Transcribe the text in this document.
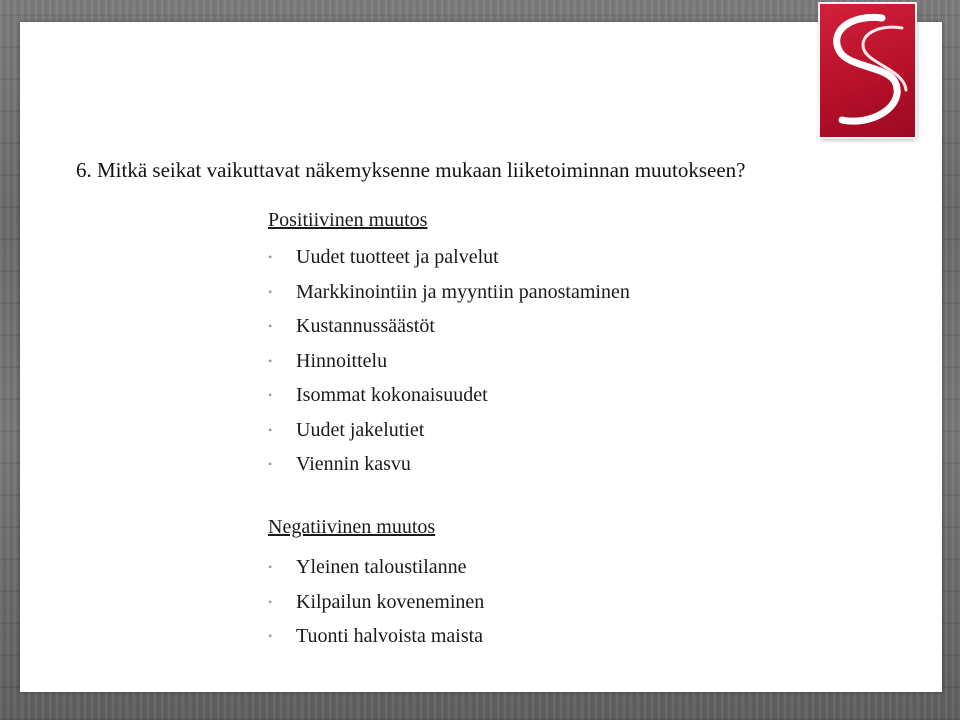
6. Mitkä seikat vaikuttavat näkemyksenne mukaan liiketoiminnan muutokseen?
Positiivinen muutos
• Uudet tuotteet ja palvelut
• Markkinointiin ja myyntiin panostaminen
• Kustannussäästöt
• Hinnoittelu
• Isommat kokonaisuudet
• Uudet jakelutiet
• Viennin kasvu
Negatiivinen muutos
• Yleinen taloustilanne
• Kilpailun koveneminen
• Tuonti halvoista maista
